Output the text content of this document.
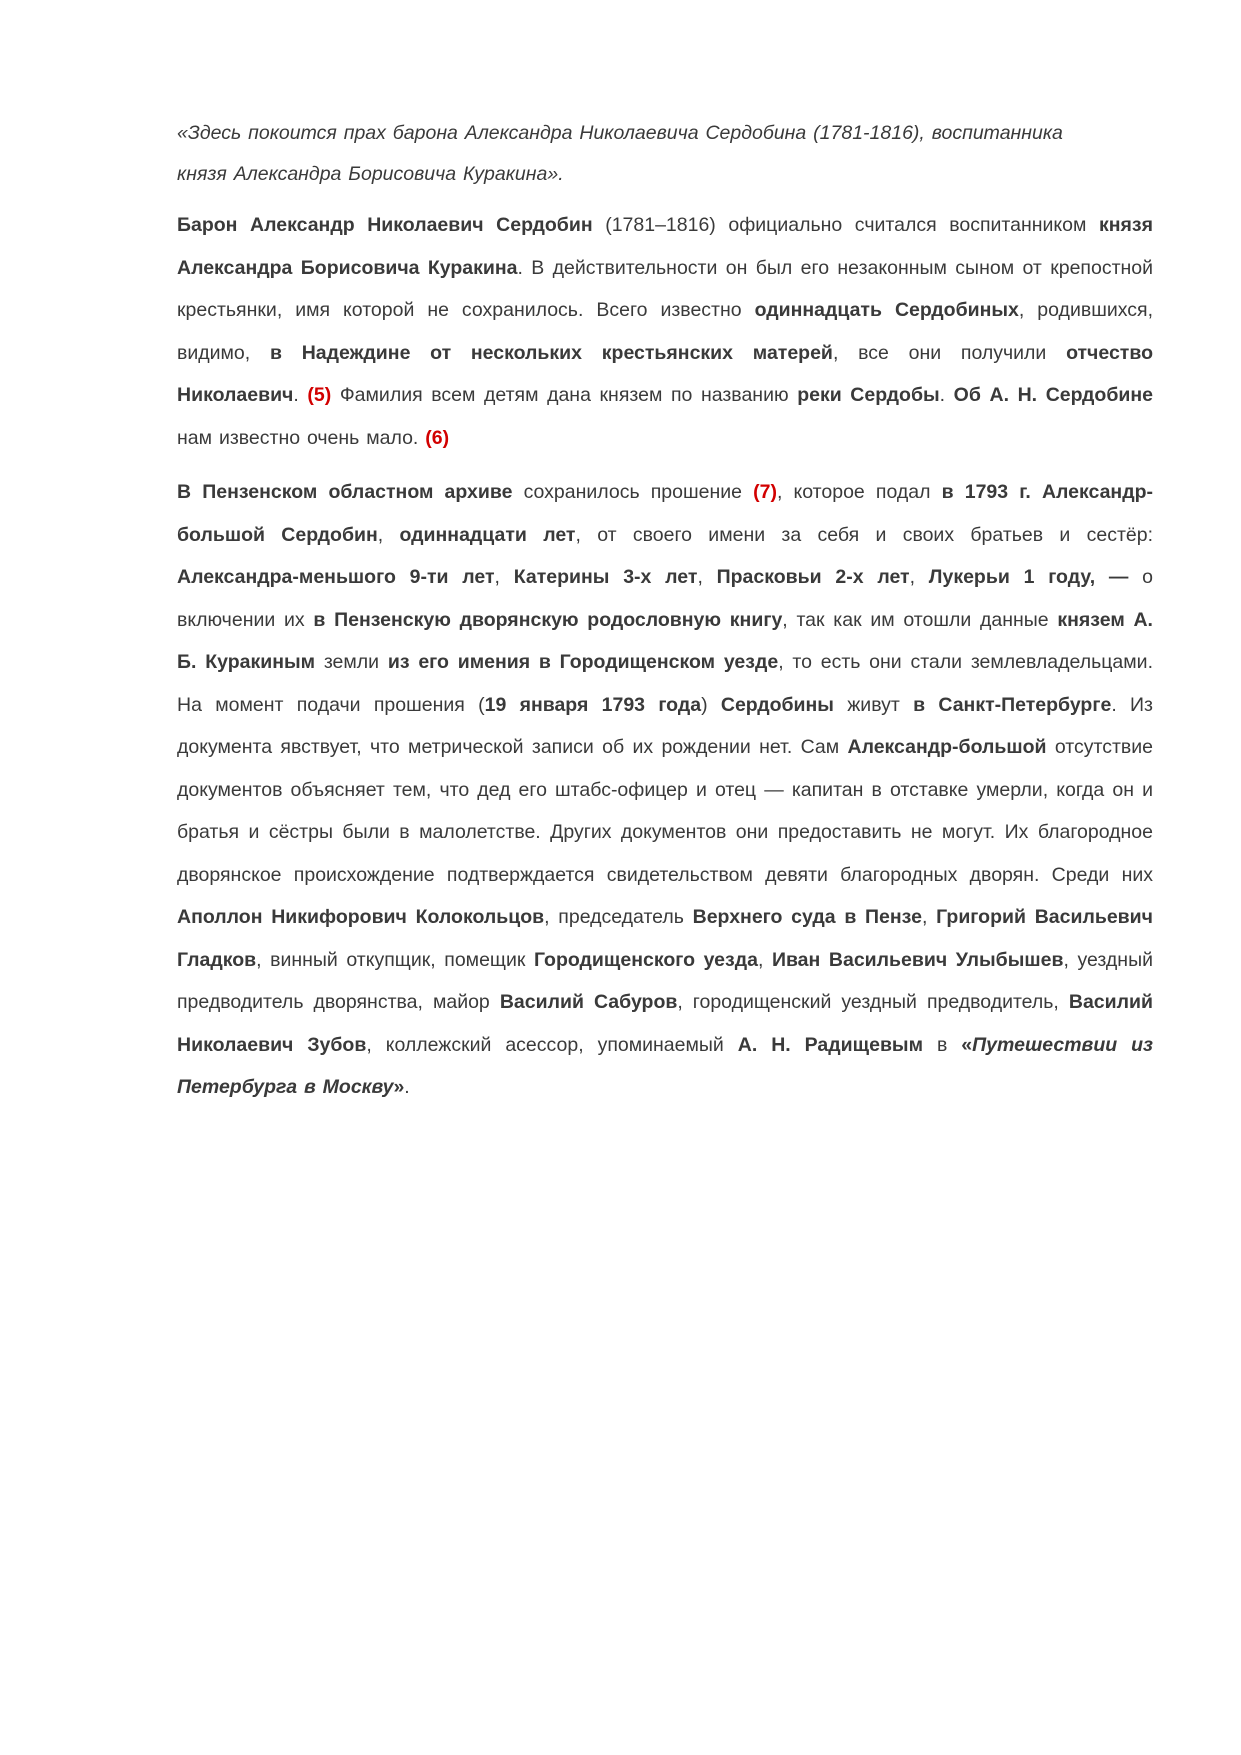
«Здесь покоится прах барона Александра Николаевича Сердобина (1781-1816), воспитанника
князя Александра Борисовича Куракина».

Барон Александр Николаевич Сердобин (1781–1816) официально считался воспитанником князя Александра Борисовича Куракина. В действительности он был его незаконным сыном от крепостной крестьянки, имя которой не сохранилось. Всего известно одиннадцать Сердобиных, родившихся, видимо, в Надеждине от нескольких крестьянских матерей, все они получили отчество Николаевич. (5) Фамилия всем детям дана князем по названию реки Сердобы. Об А. Н. Сердобине нам известно очень мало. (6)

В Пензенском областном архиве сохранилось прошение (7), которое подал в 1793 г. Александр-большой Сердобин, одиннадцати лет, от своего имени за себя и своих братьев и сестёр: Александра-меньшого 9-ти лет, Катерины 3-х лет, Прасковьи 2-х лет, Лукерьи 1 году, — о включении их в Пензенскую дворянскую родословную книгу, так как им отошли данные князем А. Б. Куракиным земли из его имения в Городищенском уезде, то есть они стали землевладельцами. На момент подачи прошения (19 января 1793 года) Сердобины живут в Санкт-Петербурге. Из документа явствует, что метрической записи об их рождении нет. Сам Александр-большой отсутствие документов объясняет тем, что дед его штабс-офицер и отец — капитан в отставке умерли, когда он и братья и сёстры были в малолетстве. Других документов они предоставить не могут. Их благородное дворянское происхождение подтверждается свидетельством девяти благородных дворян. Среди них Аполлон Никифорович Колокольцов, председатель Верхнего суда в Пензе, Григорий Васильевич Гладков, винный откупщик, помещик Городищенского уезда, Иван Васильевич Улыбышев, уездный предводитель дворянства, майор Василий Сабуров, городищенский уездный предводитель, Василий Николаевич Зубов, коллежский асессор, упоминаемый А. Н. Радищевым в «Путешествии из Петербурга в Москву».
